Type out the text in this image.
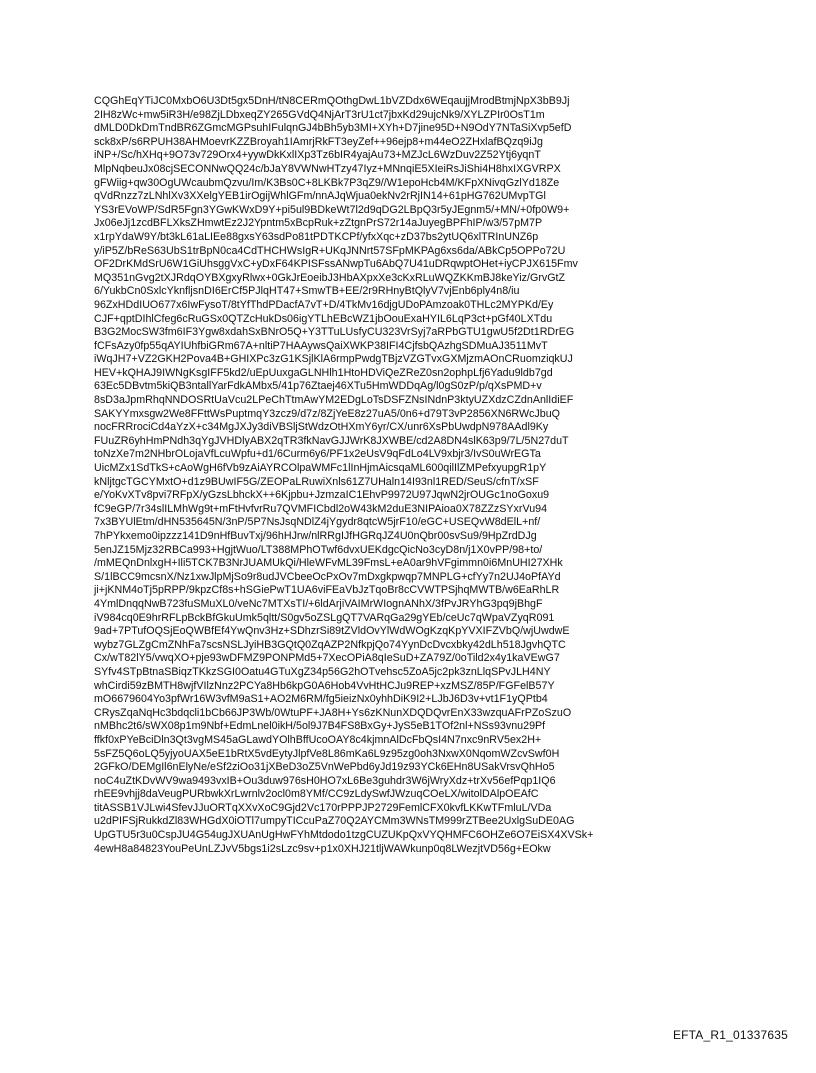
CQGhEqYTiJC0MxbO6U3Dt5gx5DnH/tN8CERmQOthgDwL1bVZDdx6WEqaujjMrodBtmjNpX3bB9Jj
2IH8zWc+mw5iR3H/e98ZjLDbxeqZY265GVdQ4NjArT3rU1ct7jbxKd29ujcNk9/XYLZPIr0OsT1m
dMLD0DkDmTndBR6ZGmcMGPsuhIFulqnGJ4bBh5yb3MI+XYh+D7jine95D+N9OdY7NTaSiXvp5efD
sck8xP/s6RPUH38AHMoevrKZZBroyah1IAmrjRkFT3eyZef++96ejp8+m44eO2ZHxlafBQzq9iJg
iNP+/Sc/hXHq+9O73v729Orx4+yywDkKxlIXp3Tz6bIR4yajAu73+MZJcL6WzDuv2Z52Ytj6yqnT
MlpNqbeuJx08cjSECONNwQQ24c/bJaY8VWNwHTzy47Iyz+MNnqiE5XIeiRsJiShi4H8hxIXGVRPX
gFWiig+qw30OgUWcaubmQzvu/Im/K3Bs0C+8LKBk7P3qZ9//W1epoHcb4M/KFpXNivqGzlYd18Ze
qVdRnzz7zLNhlXv3XXelgYEB1irOgijWhlGFm/nnAJqWjua0ekNv2rRjIN14+61pHG762UMvpTGl
YS3rEVoWP/SdR5Fgn3YGwKWxD9Y+pi5ul9BDkeWt7l2d9qDG2LBpQ3r5yJEgnm5/+MN/+0fp0W9+
Jx06eJj1zcdBFLXksZHmwtEz2J2Ypntm5xBcpRuk+zZtgnPrS72r14aJuyegBPFhIP/w3/57pM7P
x1rpYdaW9Y/bt3kL61aLIEe88gxsY63sdPo81tPDTKCPf/yfxXqc+zD37bs2ytUQ6xlTRInUNZ6p
y/iP5Z/bReS63UbS1trBpN0ca4CdTHCHWsIgR+UKqJNNrt57SFpMKPAg6xs6da/ABkCp5OPPo72U
OF2DrKMdSrU6W1GiUhsggVxC+yDxF64KPISFssANwpTu6AbQ7U41uDRqwptOHet+iyCPJX615Fmv
MQ351nGvg2tXJRdqOYBXgxyRlwx+0GkJrEoeibJ3HbAXpxXe3cKxRLuWQZKKmBJ8keYiz/GrvGtZ
6/YukbCn0SxlcYknfljsnDI6ErCf5PJlqHT47+SmwTB+EE/2r9RHnyBtQlyV7vjEnb6ply4n8/iu
96ZxHDdIUO677x6IwFysoT/8tYfThdPDacfA7vT+D/4TkMv16djgUDoPAmzoak0THLc2MYPKd/Ey
CJF+qptDIhlCfeg6cRuGSx0QTZcHukDs06igYTLhEBcWZ1jbOouExaHYIL6LqP3ct+pGf40LXTdu
B3G2MocSW3fm6IF3Ygw8xdahSxBNrO5Q+Y3TTuLUsfyCU323VrSyj7aRPbGTU1gwU5f2Dt1RDrEG
fCFsAzy0fp55qAYIUhfbiGRm67A+nltiP7HAAywsQaiXWKP38IFI4CjfsbQAzhgSDMuAJ3511MvT
iWqJH7+VZ2GKH2Pova4B+GHIXPc3zG1KSjlKlA6rmpPwdgTBjzVZGTvxGXMjzmAOnCRuomziqkUJ
HEV+kQHAJ9IWNgKsgIFF5kd2/uEpUuxgaGLNHlh1HtoHDViQeZReZ0sn2ophpLfj6Yadu9ldb7gd
63Ec5DBvtm5kiQB3ntallYarFdkAMbx5/41p76Ztaej46XTu5HmWDDqAg/l0gS0zP/p/qXsPMD+v
8sD3aJpmRhqNNDOSRtUaVcu2LPeChTtmAwYM2EDgLoTsDSFZNsINdnP3ktyUZXdzCZdnAnlIdiEF
SAKYYmxsgw2We8FFttWsPuptmqY3zcz9/d7z/8ZjYeE8z27uA5/0n6+d79T3vP2856XN6RWcJbuQ
nocFRRrociCd4aYzX+c34MgJXJy3diVBSljStWdzOtHXmY6yr/CX/unr6XsPbUwdpN978AAdl9Ky
FUuZR6yhHmPNdh3qYgJVHDlyABX2qTR3fkNavGJJWrK8JXWBE/cd2A8DN4slK63p9/7L/5N27duT
toNzXe7m2NHbrOLojaVfLcuWpfu+d1/6Curm6y6/PF1x2eUsV9qFdLo4LV9xbjr3/IvS0uWrEGTa
UicMZx1SdTkS+cAoWgH6fVb9zAiAYRCOlpaWMFc1lInHjmAicsqaML600qilIlZMPefxyupgR1pY
kNljtgcTGCYMxtO+d1z9BUwIF5G/ZEOPaLRuwiXnls61Z7UHaln14I93nl1RED/SeuS/cfnT/xSF
e/YoKvXTv8pvi7RFpX/yGzsLbhckX++6Kjpbu+JzmzaIC1EhvP9972U97JqwN2jrOUGc1noGoxu9
fC9eGP/7r34slILMhWg9t+mFtHvfvrRu7QVMFICbdl2oW43kM2duE3NIPAioa0X78ZZzSYxrVu94
7x3BYUlEtm/dHN535645N/3nP/5P7NsJsqNDlZ4jYgydr8qtcW5jrF10/eGC+USEQvW8dElL+nf/
7hPYkxemo0ipzzz141D9nHfBuvTxj/96hHJrw/nlRRgIJfHGRqJZ4U0nQbr00svSu9/9HpZrdDJg
5enJZ15Mjz32RBCa993+HgjtWuo/LT388MPhOTwf6dvxUEKdgcQicNo3cyD8n/j1X0vPP/98+to/
/mMEQnDnlxgH+Ili5TCK7B3NrJUAMUkQi/HleWFvML39FmsL+eA0ar9hVFgimmn0i6MnUHI27XHk
S/1lBCC9mcsnX/Nz1xwJlpMjSo9r8udJVCbeeOcPxOv7mDxgkpwqp7MNPLG+cfYy7n2UJ4oPfAYd
ji+jKNM4oTj5pRPP/9kpzCf8s+hSGiePwT1UA6viFEaVbJzTqoBr8cCVWTPSjhqMWTB/w6EaRhLR
4YmlDnqqNwB723fuSMuXL0/veNc7MTXsTI/+6ldArjiVAIMrWIognANhX/3fPvJRYhG3pq9jBhgF
iV984cq0E9hrRFLpBckBfGkuUmk5qltt/S0gv5oZSLgQT7VARqGa29gYEb/ceUc7qWpaVZyqR091
9ad+7PTufOQSjEoQWBfEf4YwQnv3Hz+SDhzrSi89tZVldOvYlWdWOgKzqKpYVXIFZVbQ/wjUwdwE
wybz7GLZgCmZNhFa7scsNSLJyiHB3GQtQ0ZqAZP2NfkpjQo74YynDcDvcxbky42dLh518JgvhQTC
Cx/wT82lY5/vwqXO+pje93wDFMZ9PONPMd5+7XecOPiA8qIeSuD+ZA79Z/0oTild2x4y1kaVEwG7
SYfv4STpBtnaSBiqzTKkzSGI0Oatu4GTuXgZ34p56G2hOTvehsc5ZoA5jc2pk3znLlqSPvJLH4NY
whCirdi59zBMTH8wjfVIlzNnz2PCYa8Hb6kpG0A6Hob4VvHtHCJu9REP+xzMSZ/85P/FGFelB57Y
mO6679604Yo3pfWr16W3vfM9aS1+AO2M6RM/fg5ieizNx0yhhDiK9I2+LJbJ6D3v+vt1F1yQPtb4
CRysZqaNqHc3bdqcli1bCb66JP3Wb/0WtuPF+JA8H+Ys6zKNunXDQDQvrEnX33wzquAFrPZoSzuO
nMBhc2t6/sWX08p1m9Nbf+EdmLnel0ikH/5ol9J7B4FS8BxGy+JyS5eB1TOf2nl+NSs93vnu29Pf
ffkf0xPYeBciDln3Qt3vgMS45aGLawdYOlhBffUcoOAY8c4kjmnAlDcFbQsI4N7nxc9nRV5ex2H+
5sFZ5Q6oLQ5yjyoUAX5eE1bRtX5vdEytyJlpfVe8L86mKa6L9z95zg0oh3NxwX0NqomWZcvSwf0H
2GFkO/DEMgIl6nElyNe/eSf2ziOo31jXBeD3oZ5VnWePbd6yJd19z93YCk6EHn8USakVrsvQhHo5
noC4uZtKDvWV9wa9493vxIB+Ou3duw976sH0HO7xL6Be3guhdr3W6jWryXdz+trXv56efPqp1IQ6
rhEE9vhjj8daVeugPURbwkXrLwrnlv2ocl0m8YMf/CC9zLdySwfJWzuqCOeLX/witolDAlpOEAfC
titASSB1VJLwi4SfevJJuORTqXXvXoC9Gjd2Vc170rPPPJP2729FemlCFX0kvfLKKwTFmluL/VDa
u2dPIFSjRukkdZl83WHGdX0iOTl7umpyTICcuPaZ70Q2AYCMm3WNsTM999rZTBee2UxlgSuDE0AG
UpGTU5r3u0CspJU4G54ugJXUAnUgHwFYhMtdodo1tzgCUZUKpQxVYQHMFC6OHZe6O7EiSX4XVSk+
4ewH8a84823YouPeUnLZJvV5bgs1i2sLzc9sv+p1x0XHJ21tljWAWkunp0q8LWezjtVD56g+EOkw
EFTA_R1_01337635
